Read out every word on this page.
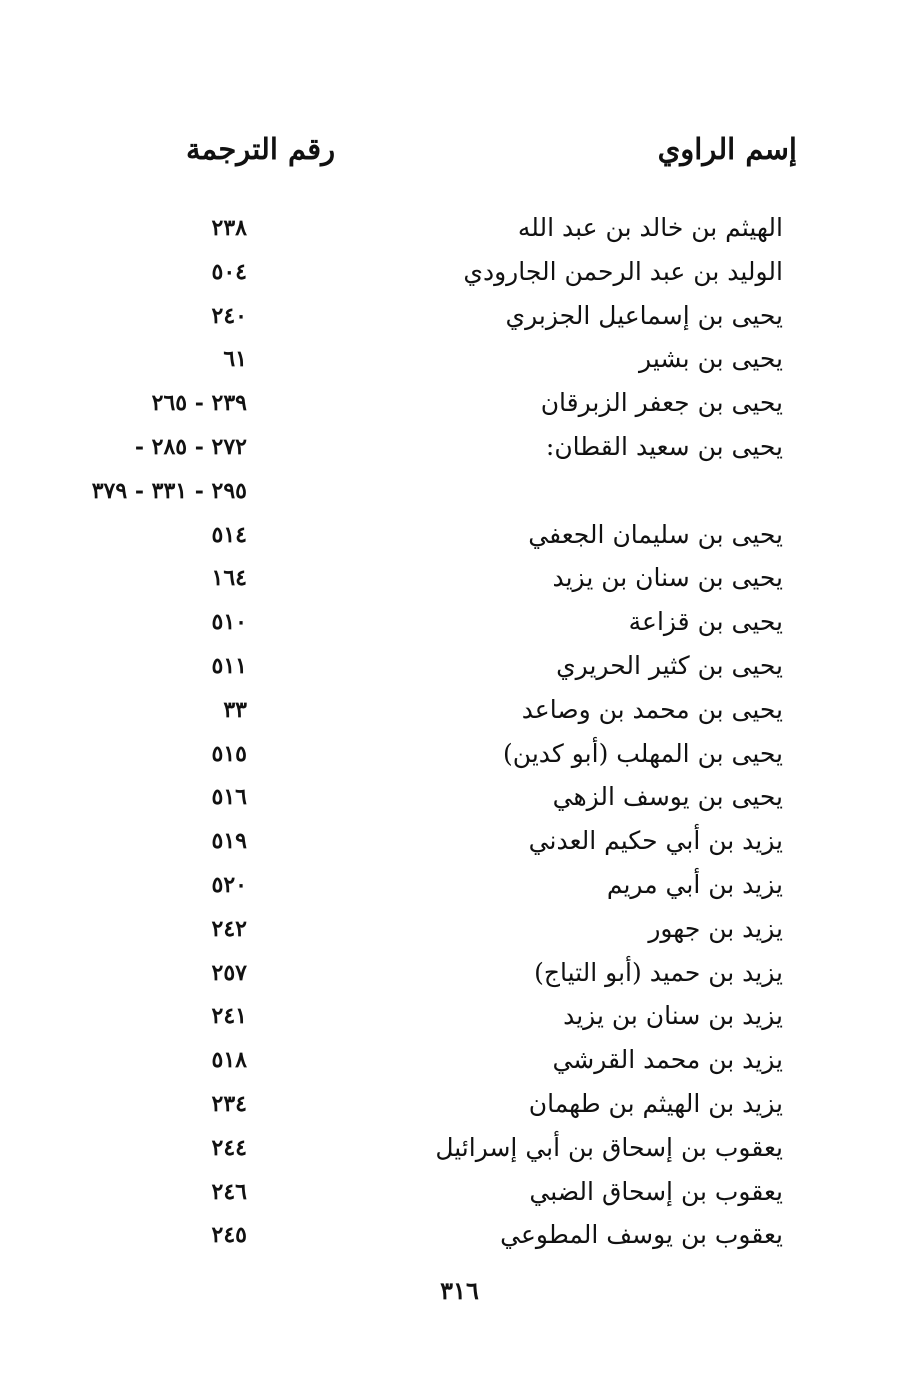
إسم الراوي
رقم الترجمة
الهيثم بن خالد بن عبد الله
٢٣٨
الوليد بن عبد الرحمن الجارودي
٥٠٤
يحيى بن إسماعيل الجزبري
٢٤٠
يحيى بن بشير
٦١
يحيى بن جعفر الزبرقان
٢٣٩ - ٢٦٥
يحيى بن سعيد القطان:
٢٧٢ - ٢٨٥ -
٢٩٥ - ٣٣١ - ٣٧٩
يحيى بن سليمان الجعفي
٥١٤
يحيى بن سنان بن يزيد
١٦٤
يحيى بن قزاعة
٥١٠
يحيى بن كثير الحريري
٥١١
يحيى بن محمد بن وصاعد
٣٣
يحيى بن المهلب (أبو كدين)
٥١٥
يحيى بن يوسف الزهي
٥١٦
يزيد بن أبي حكيم العدني
٥١٩
يزيد بن أبي مريم
٥٢٠
يزيد بن جهور
٢٤٢
يزيد بن حميد (أبو التياج)
٢٥٧
يزيد بن سنان بن يزيد
٢٤١
يزيد بن محمد القرشي
٥١٨
يزيد بن الهيثم بن طهمان
٢٣٤
يعقوب بن إسحاق بن أبي إسرائيل
٢٤٤
يعقوب بن إسحاق الضبي
٢٤٦
يعقوب بن يوسف المطوعي
٢٤٥
٣١٦
